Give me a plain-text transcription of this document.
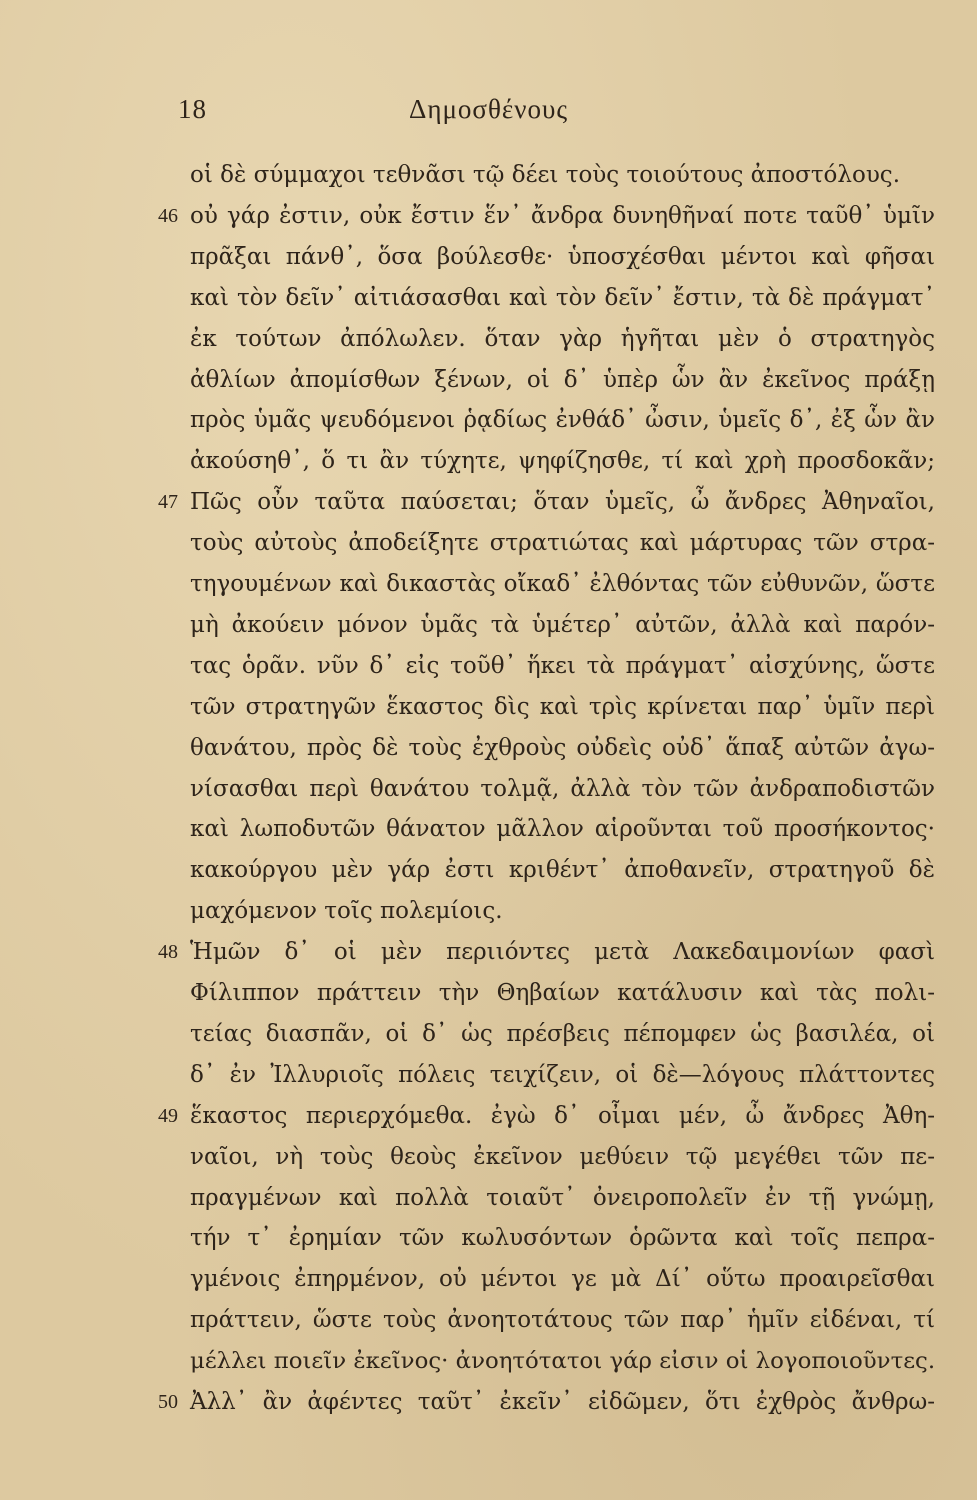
18	Δημοσθένους
οἱ δὲ σύμμαχοι τεθνᾶσι τῷ δέει τοὺς τοιούτους ἀποστόλους.
οὐ γάρ ἐστιν, οὐκ ἔστιν ἕν᾽ ἄνδρα δυνηθῆναί ποτε ταῦθ᾽ ὑμῖν
46
πρᾶξαι πάνθ᾽, ὅσα βούλεσθε· ὑποσχέσθαι μέντοι καὶ φῆσαι
καὶ τὸν δεῖν᾽ αἰτιάσασθαι καὶ τὸν δεῖν᾽ ἔστιν, τὰ δὲ πράγματ᾽
ἐκ τούτων ἀπόλωλεν. ὅταν γὰρ ἡγῆται μὲν ὁ στρατηγὸς
ἀθλίων ἀπομίσθων ξένων, οἱ δ᾽ ὑπὲρ ὧν ἂν ἐκεῖνος πράξῃ
πρὸς ὑμᾶς ψευδόμενοι ῥᾳδίως ἐνθάδ᾽ ὦσιν, ὑμεῖς δ᾽, ἐξ ὧν ἂν
ἀκούσηθ᾽, ὅ τι ἂν τύχητε, ψηφίζησθε, τί καὶ χρὴ προσδοκᾶν;
Πῶς οὖν ταῦτα παύσεται; ὅταν ὑμεῖς, ὦ ἄνδρες Ἀθηναῖοι,
47
τοὺς αὐτοὺς ἀποδείξητε στρατιώτας καὶ μάρτυρας τῶν στρα-
τηγουμένων καὶ δικαστὰς οἴκαδ᾽ ἐλθόντας τῶν εὐθυνῶν, ὥστε
μὴ ἀκούειν μόνον ὑμᾶς τὰ ὑμέτερ᾽ αὐτῶν, ἀλλὰ καὶ παρόν-
τας ὁρᾶν. νῦν δ᾽ εἰς τοῦθ᾽ ἥκει τὰ πράγματ᾽ αἰσχύνης, ὥστε
τῶν στρατηγῶν ἕκαστος δὶς καὶ τρὶς κρίνεται παρ᾽ ὑμῖν περὶ
θανάτου, πρὸς δὲ τοὺς ἐχθροὺς οὐδεὶς οὐδ᾽ ἅπαξ αὐτῶν ἀγω-
νίσασθαι περὶ θανάτου τολμᾷ, ἀλλὰ τὸν τῶν ἀνδραποδιστῶν
καὶ λωποδυτῶν θάνατον μᾶλλον αἱροῦνται τοῦ προσήκοντος·
κακούργου μὲν γάρ ἐστι κριθέντ᾽ ἀποθανεῖν, στρατηγοῦ δὲ
μαχόμενον τοῖς πολεμίοις.
Ἡμῶν δ᾽ οἱ μὲν περιιόντες μετὰ Λακεδαιμονίων φασὶ
48
Φίλιππον πράττειν τὴν Θηβαίων κατάλυσιν καὶ τὰς πολι-
τείας διασπᾶν, οἱ δ᾽ ὡς πρέσβεις πέπομφεν ὡς βασιλέα, οἱ
δ᾽ ἐν Ἰλλυριοῖς πόλεις τειχίζειν, οἱ δὲ—λόγους πλάττοντες
ἕκαστος περιερχόμεθα. ἐγὼ δ᾽ οἶμαι μέν, ὦ ἄνδρες Ἀθη-
49
ναῖοι, νὴ τοὺς θεοὺς ἐκεῖνον μεθύειν τῷ μεγέθει τῶν πε-
πραγμένων καὶ πολλὰ τοιαῦτ᾽ ὀνειροπολεῖν ἐν τῇ γνώμῃ,
τήν τ᾽ ἐρημίαν τῶν κωλυσόντων ὁρῶντα καὶ τοῖς πεπρα-
γμένοις ἐπηρμένον, οὐ μέντοι γε μὰ Δί᾽ οὕτω προαιρεῖσθαι
πράττειν, ὥστε τοὺς ἀνοητοτάτους τῶν παρ᾽ ἡμῖν εἰδέναι, τί
μέλλει ποιεῖν ἐκεῖνος· ἀνοητότατοι γάρ εἰσιν οἱ λογοποιοῦντες.
Ἀλλ᾽ ἂν ἀφέντες ταῦτ᾽ ἐκεῖν᾽ εἰδῶμεν, ὅτι ἐχθρὸς ἄνθρω-
50
